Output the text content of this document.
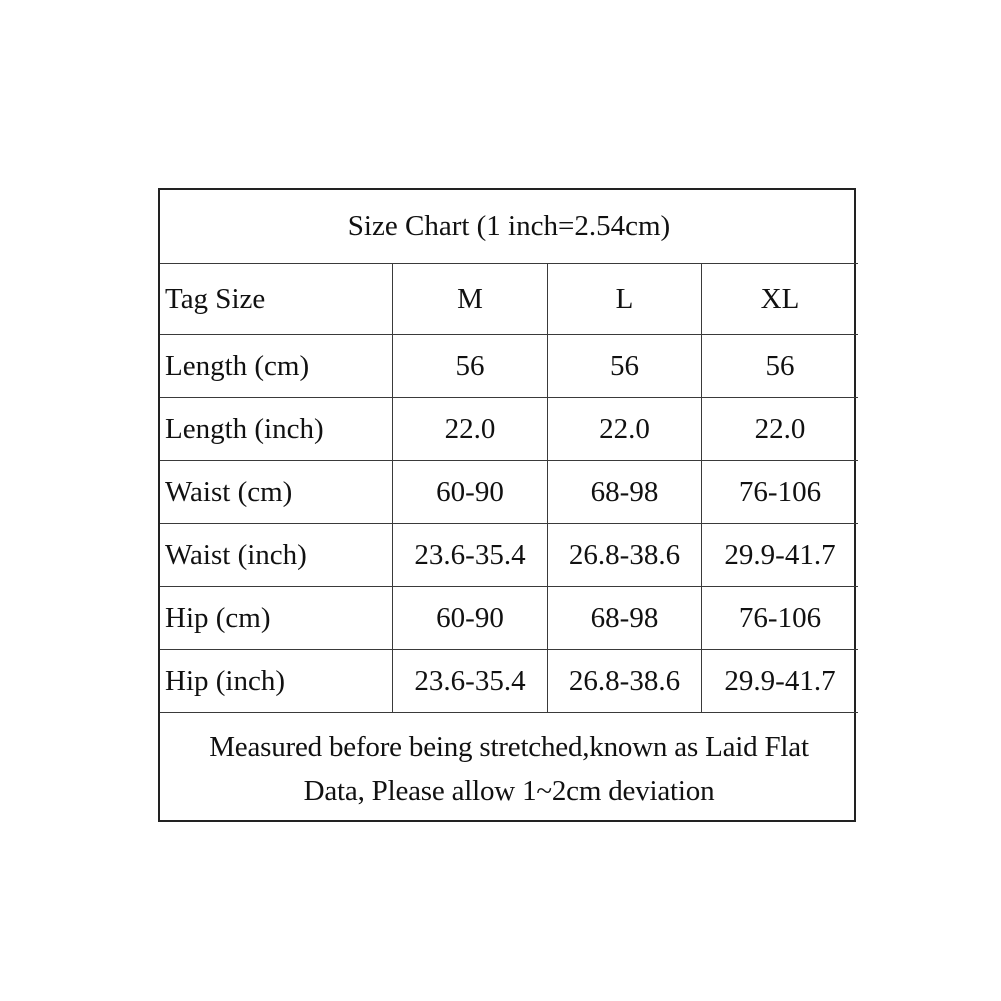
Size Chart (1 inch=2.54cm)
Tag Size	M	L	XL
Length (cm)	56	56	56
Length (inch)	22.0	22.0	22.0
Waist (cm)	60-90	68-98	76-106
Waist (inch)	23.6-35.4	26.8-38.6	29.9-41.7
Hip (cm)	60-90	68-98	76-106
Hip (inch)	23.6-35.4	26.8-38.6	29.9-41.7
Measured before being stretched,known as Laid Flat
Data, Please allow 1~2cm deviation
